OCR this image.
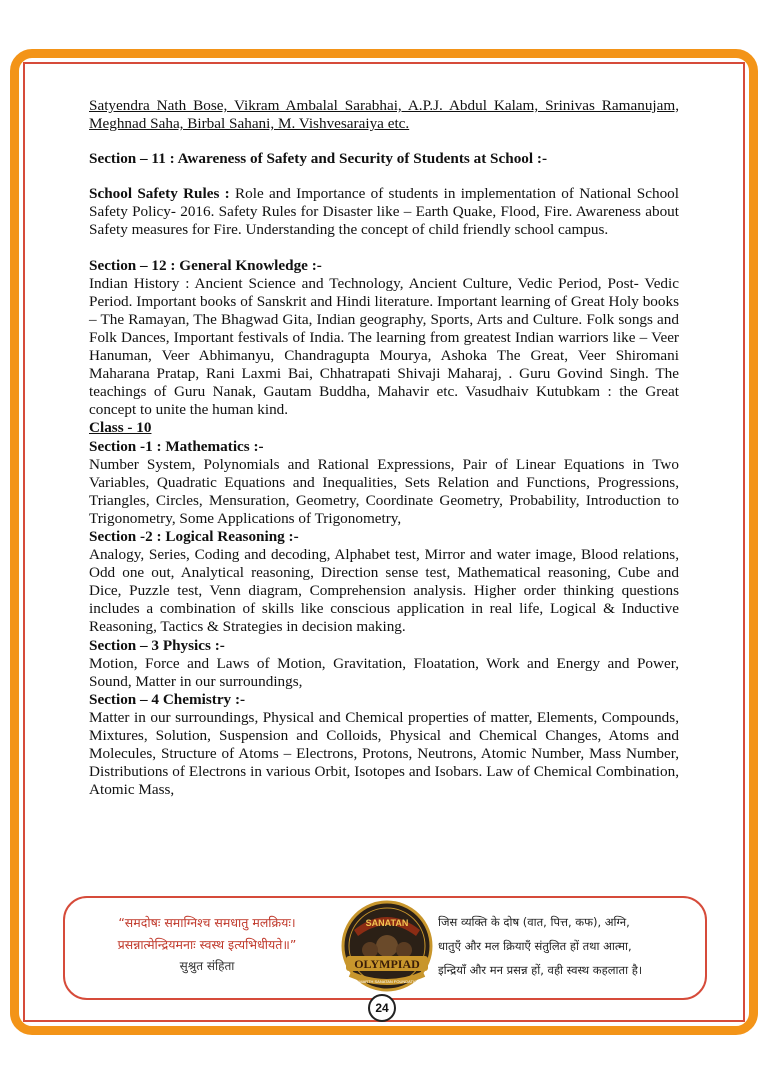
Satyendra Nath Bose, Vikram Ambalal Sarabhai, A.P.J. Abdul Kalam, Srinivas Ramanujam, Meghnad Saha, Birbal Sahani, M. Vishvesaraiya etc.

Section – 11 : Awareness of Safety and Security of Students at School :-

School Safety Rules : Role and Importance of students in implementation of National School Safety Policy- 2016. Safety Rules for Disaster like – Earth Quake, Flood, Fire. Awareness about Safety measures for Fire. Understanding the concept of child friendly school campus.

Section – 12 : General Knowledge :-

Indian History : Ancient Science and Technology, Ancient Culture, Vedic Period, Post- Vedic Period. Important books of Sanskrit and Hindi literature. Important learning of Great Holy books – The Ramayan, The Bhagwad Gita, Indian geography, Sports, Arts and Culture. Folk songs and Folk Dances, Important festivals of India. The learning from greatest Indian warriors like – Veer Hanuman, Veer Abhimanyu, Chandragupta Mourya, Ashoka The Great, Veer Shiromani Maharana Pratap, Rani Laxmi Bai, Chhatrapati Shivaji Maharaj, . Guru Govind Singh. The teachings of Guru Nanak, Gautam Buddha, Mahavir etc. Vasudhaiv Kutubkam : the Great concept to unite the human kind.

Class - 10

Section -1 : Mathematics :-

Number System, Polynomials and Rational Expressions, Pair of Linear Equations in Two Variables, Quadratic Equations and Inequalities, Sets Relation and Functions, Progressions, Triangles, Circles, Mensuration, Geometry, Coordinate Geometry, Probability, Introduction to Trigonometry, Some Applications of Trigonometry,

Section -2 : Logical Reasoning :-

Analogy, Series, Coding and decoding, Alphabet test, Mirror and water image, Blood relations, Odd one out, Analytical reasoning, Direction sense test, Mathematical reasoning, Cube and Dice, Puzzle test, Venn diagram, Comprehension analysis. Higher order thinking questions includes a combination of skills like conscious application in real life, Logical & Inductive Reasoning, Tactics & Strategies in decision making.

Section – 3 Physics :-

Motion, Force and Laws of Motion, Gravitation, Floatation, Work and Energy and Power, Sound, Matter in our surroundings,

Section – 4 Chemistry :-

Matter in our surroundings, Physical and Chemical properties of matter, Elements, Compounds, Mixtures, Solution, Suspension and Colloids, Physical and Chemical Changes, Atoms and Molecules, Structure of Atoms – Electrons, Protons, Neutrons, Atomic Number, Mass Number, Distributions of Electrons in various Orbit, Isotopes and Isobars. Law of Chemical Combination, Atomic Mass,

“समदोषः समाग्निश्च समधातु मलक्रियः।
प्रसन्नात्मेन्द्रियमनाः स्वस्थ इत्यभिधीयते॥”
सुश्रुत संहिता
SANATAN
OLYMPIAD
SAMARTH SANATAN FOUNDATION
जिस व्यक्ति के दोष (वात, पित्त, कफ), अग्नि,
धातुएँ और मल क्रियाएँ संतुलित हों तथा आत्मा,
इन्द्रियाँ और मन प्रसन्न हों, वही स्वस्थ कहलाता है।
24
